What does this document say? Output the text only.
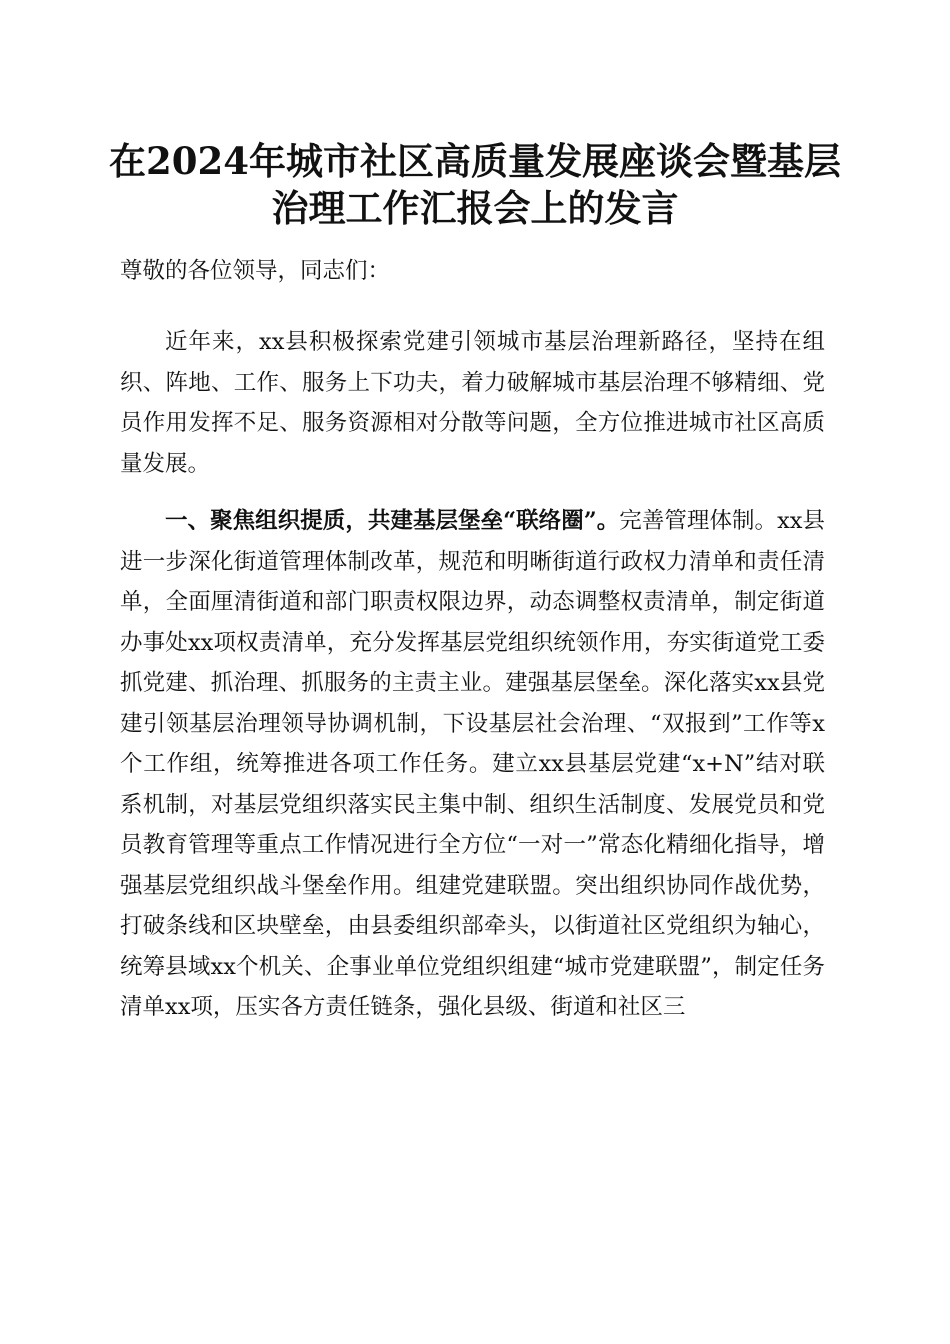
在2024年城市社区高质量发展座谈会暨基层
治理工作汇报会上的发言

尊敬的各位领导，同志们：

近年来，xx县积极探索党建引领城市基层治理新路径，坚持在组织、阵地、工作、服务上下功夫，着力破解城市基层治理不够精细、党员作用发挥不足、服务资源相对分散等问题，全方位推进城市社区高质量发展。

一、聚焦组织提质，共建基层堡垒“联络圈”。完善管理体制。xx县进一步深化街道管理体制改革，规范和明晰街道行政权力清单和责任清单，全面厘清街道和部门职责权限边界，动态调整权责清单，制定街道办事处xx项权责清单，充分发挥基层党组织统领作用，夯实街道党工委抓党建、抓治理、抓服务的主责主业。建强基层堡垒。深化落实xx县党建引领基层治理领导协调机制，下设基层社会治理、“双报到”工作等x个工作组，统筹推进各项工作任务。建立xx县基层党建“x+N”结对联系机制，对基层党组织落实民主集中制、组织生活制度、发展党员和党员教育管理等重点工作情况进行全方位“一对一”常态化精细化指导，增强基层党组织战斗堡垒作用。组建党建联盟。突出组织协同作战优势，打破条线和区块壁垒，由县委组织部牵头，以街道社区党组织为轴心，统筹县域xx个机关、企事业单位党组织组建“城市党建联盟”，制定任务清单xx项，压实各方责任链条，强化县级、街道和社区三
